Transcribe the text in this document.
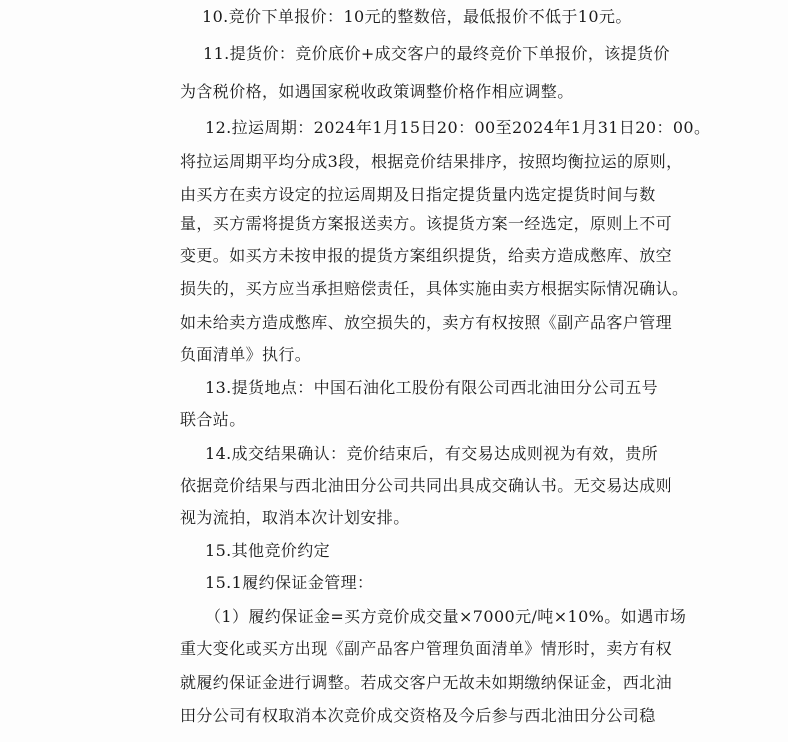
10.竞价下单报价：10元的整数倍，最低报价不低于10元。
11.提货价：竞价底价+成交客户的最终竞价下单报价，该提货价
为含税价格，如遇国家税收政策调整价格作相应调整。
12.拉运周期：2024年1月15日20：00至2024年1月31日20：00。
将拉运周期平均分成3段，根据竞价结果排序，按照均衡拉运的原则，
由买方在卖方设定的拉运周期及日指定提货量内选定提货时间与数
量，买方需将提货方案报送卖方。该提货方案一经选定，原则上不可
变更。如买方未按申报的提货方案组织提货，给卖方造成憋库、放空
损失的，买方应当承担赔偿责任，具体实施由卖方根据实际情况确认。
如未给卖方造成憋库、放空损失的，卖方有权按照《副产品客户管理
负面清单》执行。
13.提货地点：中国石油化工股份有限公司西北油田分公司五号
联合站。
14.成交结果确认：竞价结束后，有交易达成则视为有效，贵所
依据竞价结果与西北油田分公司共同出具成交确认书。无交易达成则
视为流拍，取消本次计划安排。
15.其他竞价约定
15.1履约保证金管理：
（1）履约保证金=买方竞价成交量×7000元/吨×10%。如遇市场
重大变化或买方出现《副产品客户管理负面清单》情形时，卖方有权
就履约保证金进行调整。若成交客户无故未如期缴纳保证金，西北油
田分公司有权取消本次竞价成交资格及今后参与西北油田分公司稳
